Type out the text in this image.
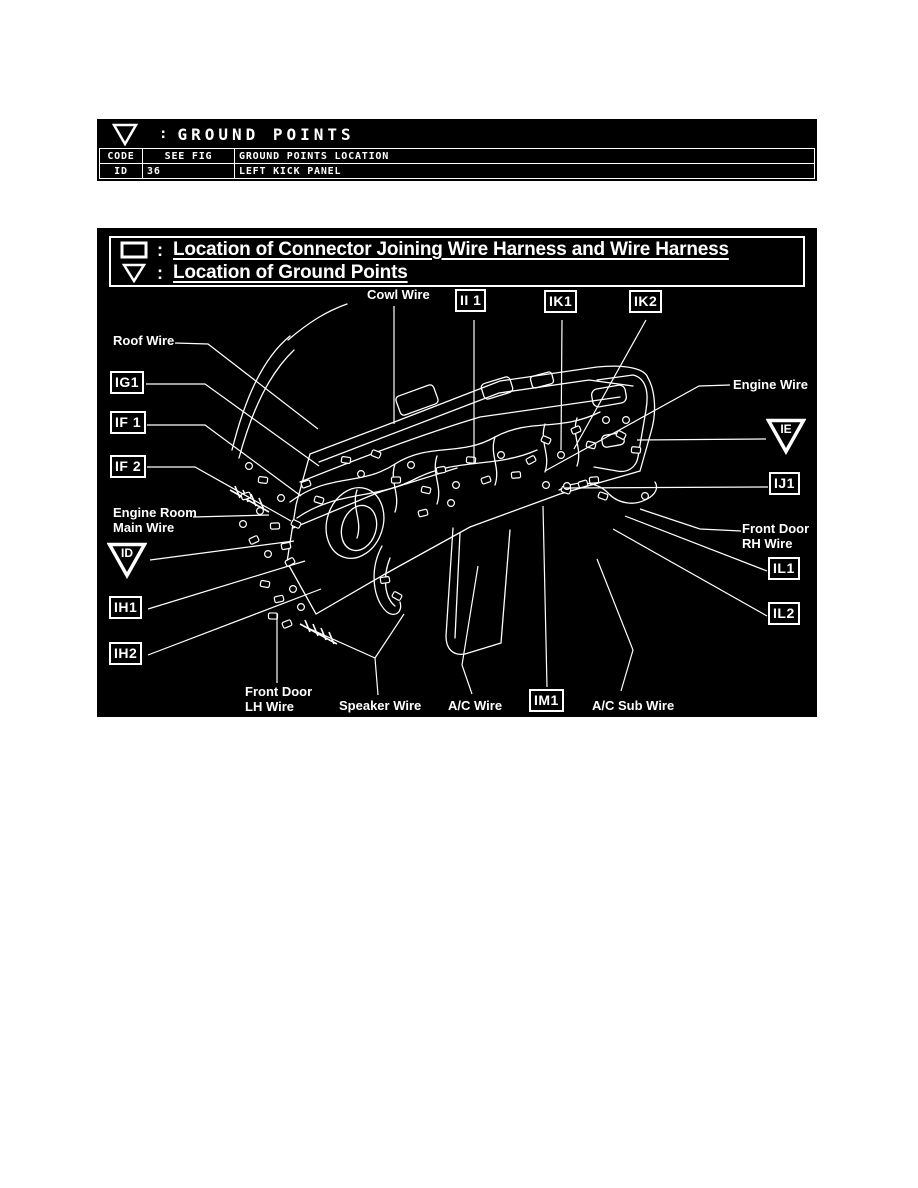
: GROUND POINTS
CODE	SEE FIG	GROUND POINTS LOCATION
ID	36	LEFT KICK PANEL
: Location of Connector Joining Wire Harness and Wire Harness
: Location of Ground Points
II 1	IK1	IK2
IG1
IF 1
IF 2
IH1
IH2
IJ1
IL1
IL2
IM1
IE
ID
Cowl Wire
Roof Wire
Engine Wire
Engine Room
Main Wire	Front Door
RH Wire
Front Door
LH Wire	Speaker Wire A/C Wire	A/C Sub Wire
